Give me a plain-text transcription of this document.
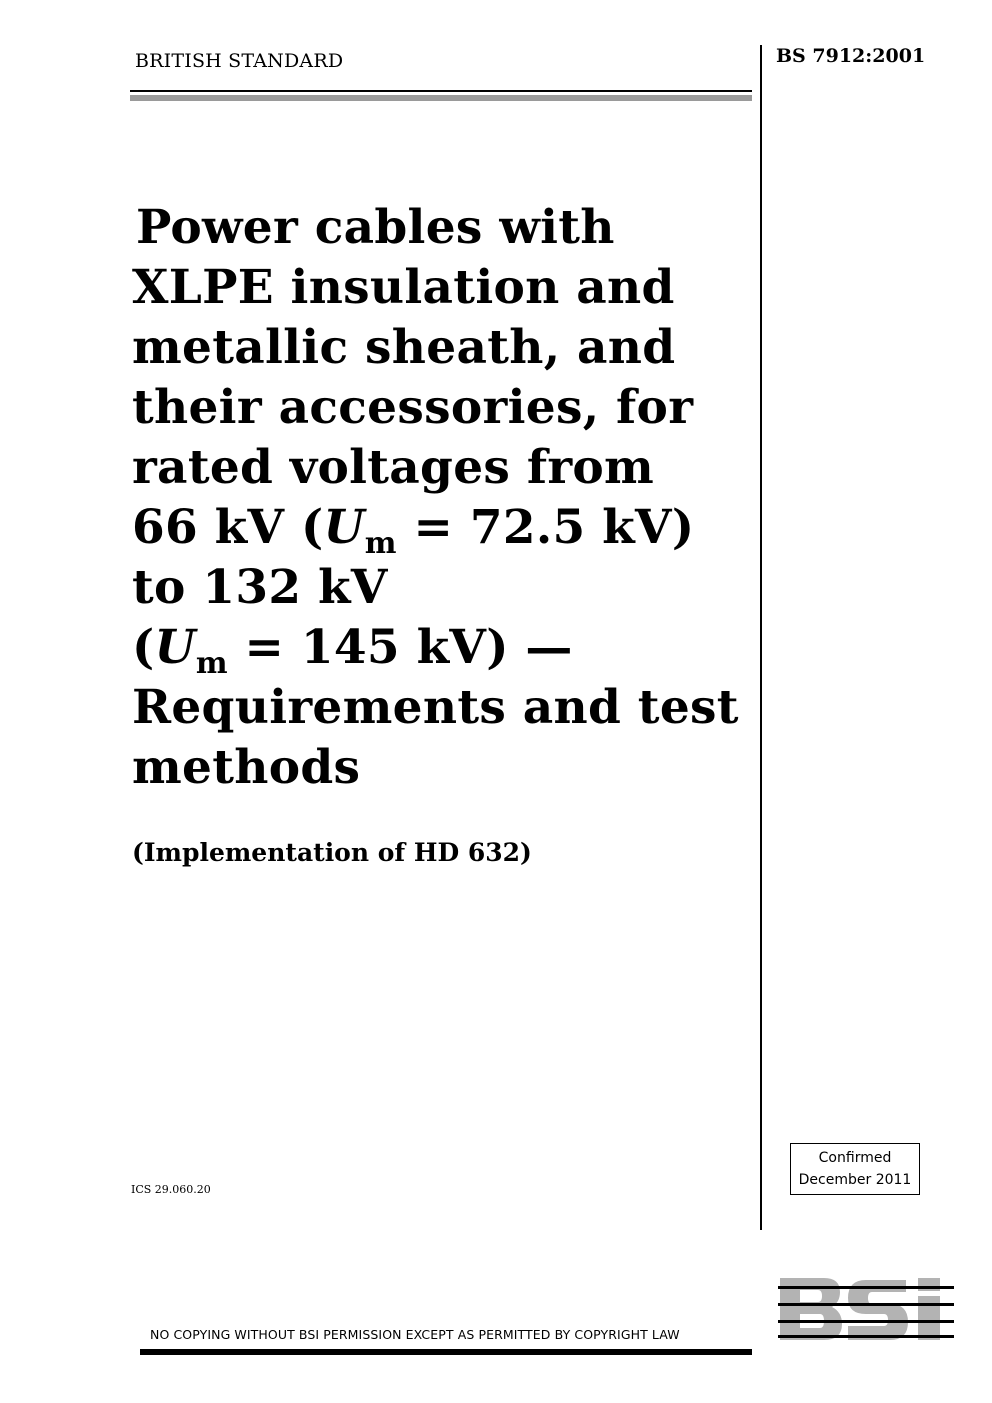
BRITISH STANDARD	BS 7912:2001
Power cables with
XLPE insulation and
metallic sheath, and
their accessories, for
rated voltages from
66 kV ($U_m = 72.5$ kV)
to 132 kV
($U_m = 145$ kV) —
Requirements and test
methods
(Implementation of HD 632)
ICS 29.060.20
Confirmed
December 2011
NO COPYING WITHOUT BSI PERMISSION EXCEPT AS PERMITTED BY COPYRIGHT LAW
